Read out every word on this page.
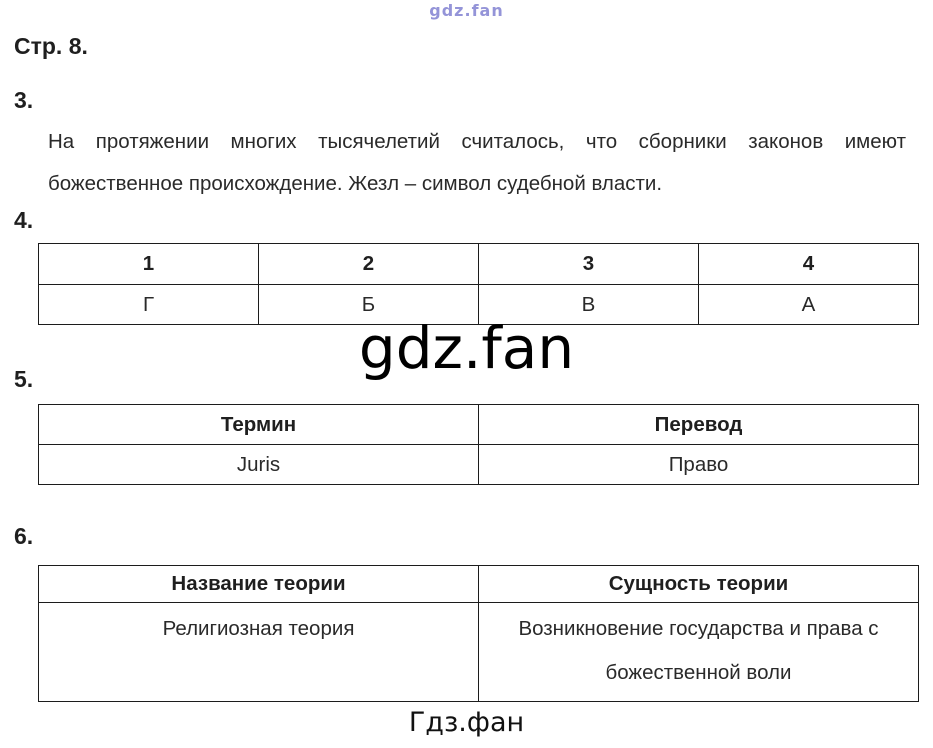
gdz.fan
Стр. 8.
3.
На протяжении многих тысячелетий считалось, что сборники законов имеют
божественное происхождение. Жезл – символ судебной власти.
4.
1	2	3	4
Г	Б	В	А
gdz.fan
5.
Термин	Перевод
Juris	Право
6.
Название теории	Сущность теории
Религиозная теория	Возникновение государства и права с божественной воли
Гдз.фан
